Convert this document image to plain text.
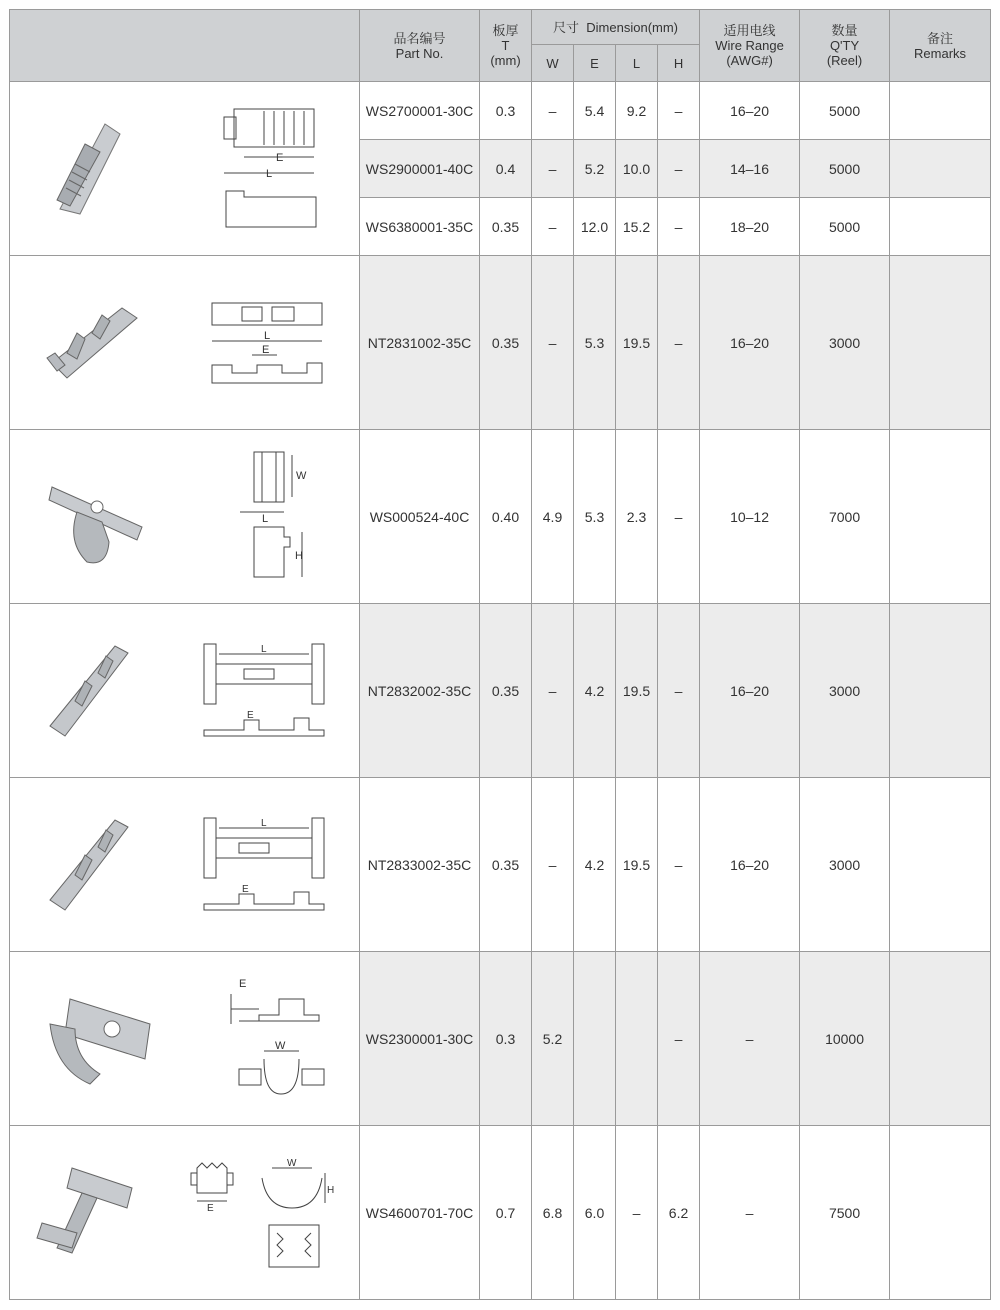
	品名编号
Part No.	板厚
T
(mm)	尺寸 Dimension(mm)				适用电线
Wire Range
(AWG#)	数量
Q'TY
(Reel)	备注
Remarks

			W	E	L	H			

E
L	WS2700001-30C	0.3	–	5.4	9.2	–	16–20	5000	
	WS2900001-40C	0.4	–	5.2	10.0	–	14–16	5000	
	WS6380001-35C	0.35	–	12.0	15.2	–	18–20	5000	

L
E	NT2831002-35C	0.35	–	5.3	19.5	–	16–20	3000	

W
L
H	WS000524-40C	0.40	4.9	5.3	2.3	–	10–12	7000	

L
E	NT2832002-35C	0.35	–	4.2	19.5	–	16–20	3000	

L
E	NT2833002-35C	0.35	–	4.2	19.5	–	16–20	3000	

E
W	WS2300001-30C	0.3	5.2			–	–	10000	

E
W
H	WS4600701-70C	0.7	6.8	6.0	–	6.2	–	7500	
